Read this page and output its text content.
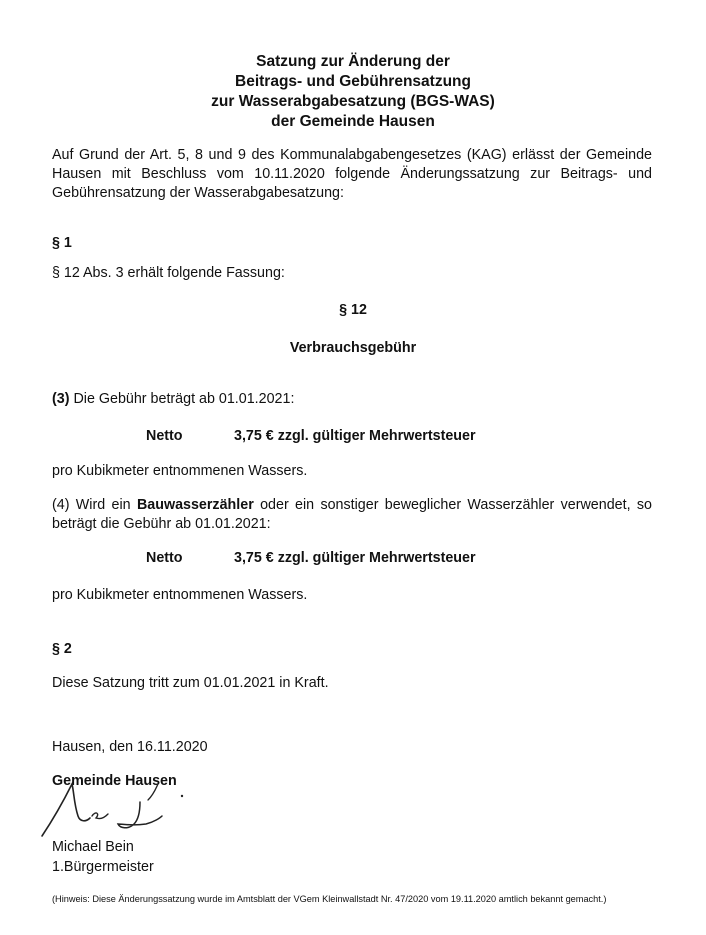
Satzung zur Änderung der
Beitrags- und Gebührensatzung
zur Wasserabgabesatzung (BGS-WAS)
der Gemeinde Hausen
Auf Grund der Art. 5, 8 und 9 des Kommunalabgabengesetzes (KAG) erlässt der Gemeinde Hausen mit Beschluss vom 10.11.2020 folgende Änderungssatzung zur Beitrags- und Gebührensatzung der Wasserabgabesatzung:
§ 1
§ 12 Abs. 3 erhält folgende Fassung:
§ 12
Verbrauchsgebühr
(3) Die Gebühr beträgt ab 01.01.2021:
Netto	3,75 € zzgl. gültiger Mehrwertsteuer
pro Kubikmeter entnommenen Wassers.
(4) Wird ein Bauwasserzähler oder ein sonstiger beweglicher Wasserzähler verwendet, so beträgt die Gebühr ab 01.01.2021:
Netto	3,75 € zzgl. gültiger Mehrwertsteuer
pro Kubikmeter entnommenen Wassers.
§ 2
Diese Satzung tritt zum 01.01.2021 in Kraft.
Hausen, den 16.11.2020
Gemeinde Hausen
Michael Bein
1.Bürgermeister
(Hinweis: Diese Änderungssatzung wurde im Amtsblatt der VGem Kleinwallstadt Nr. 47/2020 vom 19.11.2020 amtlich bekannt gemacht.)
